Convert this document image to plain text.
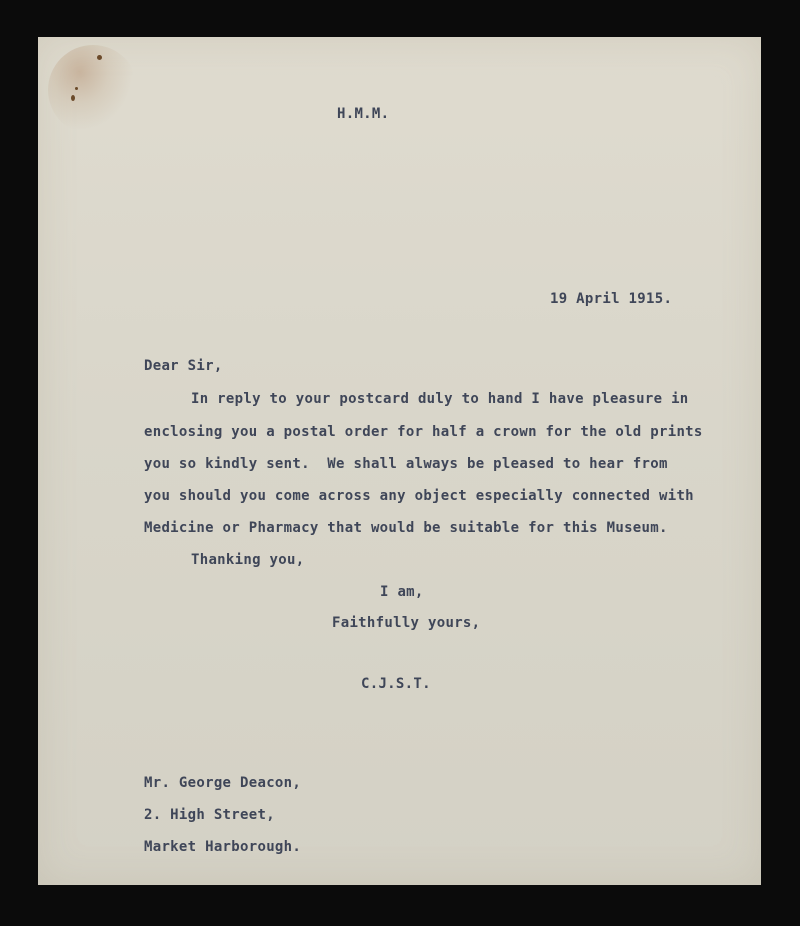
H.M.M.
19 April 1915.
Dear Sir,
In reply to your postcard duly to hand I have pleasure in
enclosing you a postal order for half a crown for the old prints
you so kindly sent.  We shall always be pleased to hear from
you should you come across any object especially connected with
Medicine or Pharmacy that would be suitable for this Museum.
Thanking you,
I am,
Faithfully yours,
C.J.S.T.
Mr. George Deacon,
2. High Street,
Market Harborough.
